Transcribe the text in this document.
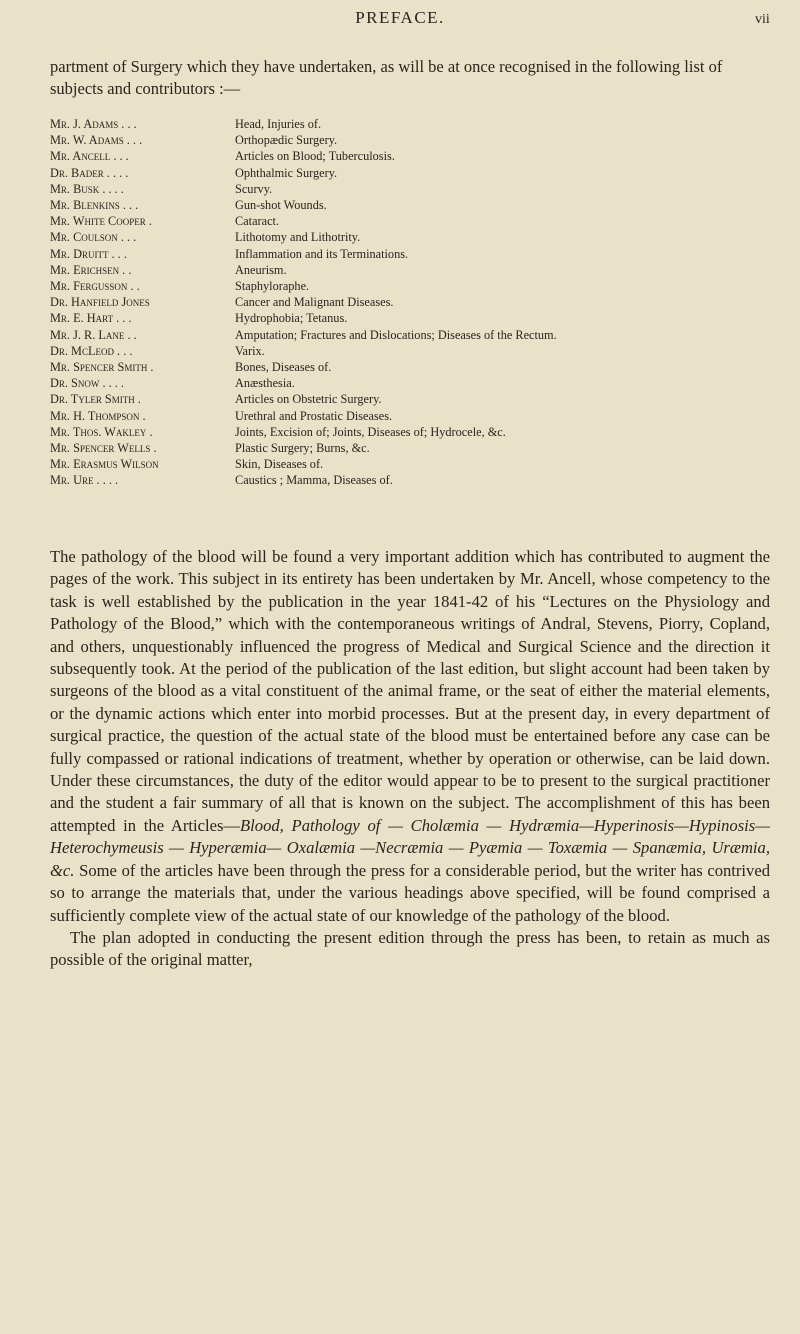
PREFACE.	vii

partment of Surgery which they have undertaken, as will be at once recognised in the following list of subjects and contributors :—

Mr. J. Adams . . .	Head, Injuries of.
Mr. W. Adams . . .	Orthopædic Surgery.
Mr. Ancell . . .	Articles on Blood; Tuberculosis.
Dr. Bader . . . .	Ophthalmic Surgery.
Mr. Busk . . . .	Scurvy.
Mr. Blenkins . . .	Gun-shot Wounds.
Mr. White Cooper .	Cataract.
Mr. Coulson . . .	Lithotomy and Lithotrity.
Mr. Druitt . . .	Inflammation and its Terminations.
Mr. Erichsen . .	Aneurism.
Mr. Fergusson . .	Staphyloraphe.
Dr. Hanfield Jones	Cancer and Malignant Diseases.
Mr. E. Hart . . .	Hydrophobia; Tetanus.
Mr. J. R. Lane . .	Amputation; Fractures and Dislocations; Diseases of the Rectum.
Dr. McLeod . . .	Varix.
Mr. Spencer Smith .	Bones, Diseases of.
Dr. Snow . . . .	Anæsthesia.
Dr. Tyler Smith .	Articles on Obstetric Surgery.
Mr. H. Thompson .	Urethral and Prostatic Diseases.
Mr. Thos. Wakley .	Joints, Excision of; Joints, Diseases of; Hydrocele, &c.
Mr. Spencer Wells .	Plastic Surgery; Burns, &c.
Mr. Erasmus Wilson	Skin, Diseases of.
Mr. Ure . . . .	Caustics ; Mamma, Diseases of.

The pathology of the blood will be found a very important addition which has contributed to augment the pages of the work. This subject in its entirety has been undertaken by Mr. Ancell, whose competency to the task is well established by the publication in the year 1841-42 of his “Lectures on the Physiology and Pathology of the Blood,” which with the contemporaneous writings of Andral, Stevens, Piorry, Copland, and others, unquestionably influenced the progress of Medical and Surgical Science and the direction it subsequently took. At the period of the publication of the last edition, but slight account had been taken by surgeons of the blood as a vital constituent of the animal frame, or the seat of either the material elements, or the dynamic actions which enter into morbid processes. But at the present day, in every department of surgical practice, the question of the actual state of the blood must be entertained before any case can be fully compassed or rational indications of treatment, whether by operation or otherwise, can be laid down. Under these circumstances, the duty of the editor would appear to be to present to the surgical practitioner and the student a fair summary of all that is known on the subject. The accomplishment of this has been attempted in the Articles—Blood, Pathology of — Cholæmia — Hydræmia—Hyperinosis—Hypinosis—Heterochymeusis — Hyperæmia— Oxalæmia —Necræmia — Pyæmia — Toxæmia — Spanæmia, Uræmia, &c. Some of the articles have been through the press for a considerable period, but the writer has contrived so to arrange the materials that, under the various headings above specified, will be found comprised a sufficiently complete view of the actual state of our knowledge of the pathology of the blood.

The plan adopted in conducting the present edition through the press has been, to retain as much as possible of the original matter,
